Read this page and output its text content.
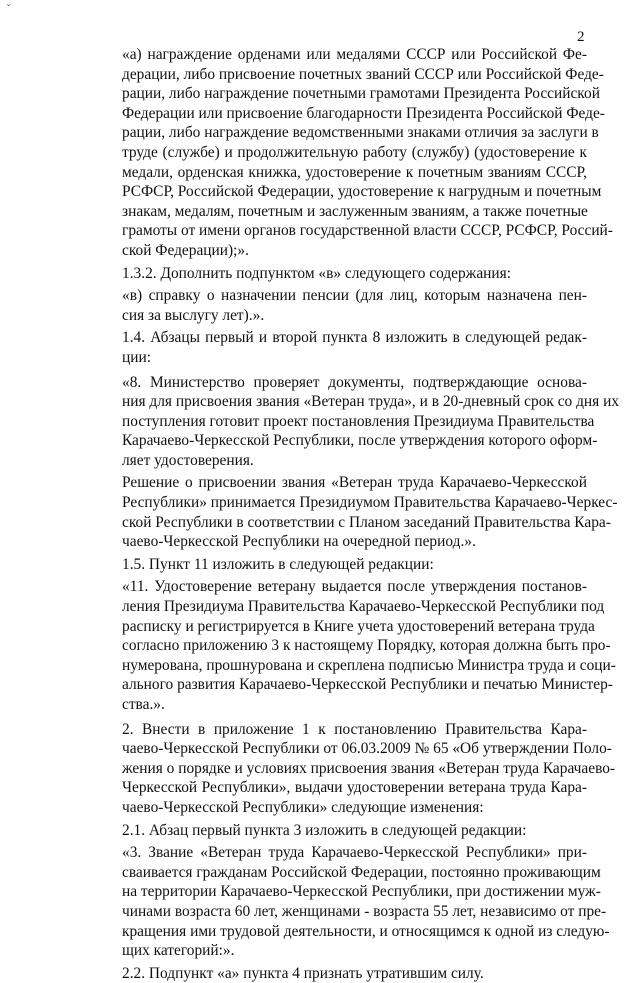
ˇ
2
«а) награждение орденами или медалями СССР или Российской Фе-
дерации, либо присвоение почетных званий СССР или Российской Феде-
рации, либо награждение почетными грамотами Президента Российской
Федерации или присвоение благодарности Президента Российской Феде-
рации, либо награждение ведомственными знаками отличия за заслуги в
труде (службе) и продолжительную работу (службу) (удостоверение к
медали, орденская книжка, удостоверение к почетным званиям СССР,
РСФСР, Российской Федерации, удостоверение к нагрудным и почетным
знакам, медалям, почетным и заслуженным званиям, а также почетные
грамоты от имени органов государственной власти СССР, РСФСР, Россий-
ской Федерации);».
1.3.2. Дополнить подпунктом «в» следующего содержания:
«в) справку о назначении пенсии (для лиц, которым назначена пен-
сия за выслугу лет).».
1.4. Абзацы первый и второй пункта 8 изложить в следующей редак-
ции:
«8. Министерство проверяет документы, подтверждающие основа-
ния для присвоения звания «Ветеран труда», и в 20-дневный срок со дня их
поступления готовит проект постановления Президиума Правительства
Карачаево-Черкесской Республики, после утверждения которого оформ-
ляет удостоверения.
Решение о присвоении звания «Ветеран труда Карачаево-Черкесской
Республики» принимается Президиумом Правительства Карачаево-Черкес-
ской Республики в соответствии с Планом заседаний Правительства Кара-
чаево-Черкесской Республики на очередной период.».
1.5. Пункт 11 изложить в следующей редакции:
«11. Удостоверение ветерану выдается после утверждения постанов-
ления Президиума Правительства Карачаево-Черкесской Республики под
расписку и регистрируется в Книге учета удостоверений ветерана труда
согласно приложению 3 к настоящему Порядку, которая должна быть про-
нумерована, прошнурована и скреплена подписью Министра труда и соци-
ального развития Карачаево-Черкесской Республики и печатью Министер-
ства.».
2. Внести в приложение 1 к постановлению Правительства Кара-
чаево-Черкесской Республики от 06.03.2009 № 65 «Об утверждении Поло-
жения о порядке и условиях присвоения звания «Ветеран труда Карачаево-
Черкесской Республики», выдачи удостоверении ветерана труда Кара-
чаево-Черкесской Республики» следующие изменения:
2.1. Абзац первый пункта 3 изложить в следующей редакции:
«3. Звание «Ветеран труда Карачаево-Черкесской Республики» при-
сваивается гражданам Российской Федерации, постоянно проживающим
на территории Карачаево-Черкесской Республики, при достижении муж-
чинами возраста 60 лет, женщинами - возраста 55 лет, независимо от пре-
кращения ими трудовой деятельности, и относящимся к одной из следую-
щих категорий:».
2.2. Подпункт «а» пункта 4 признать утратившим силу.
